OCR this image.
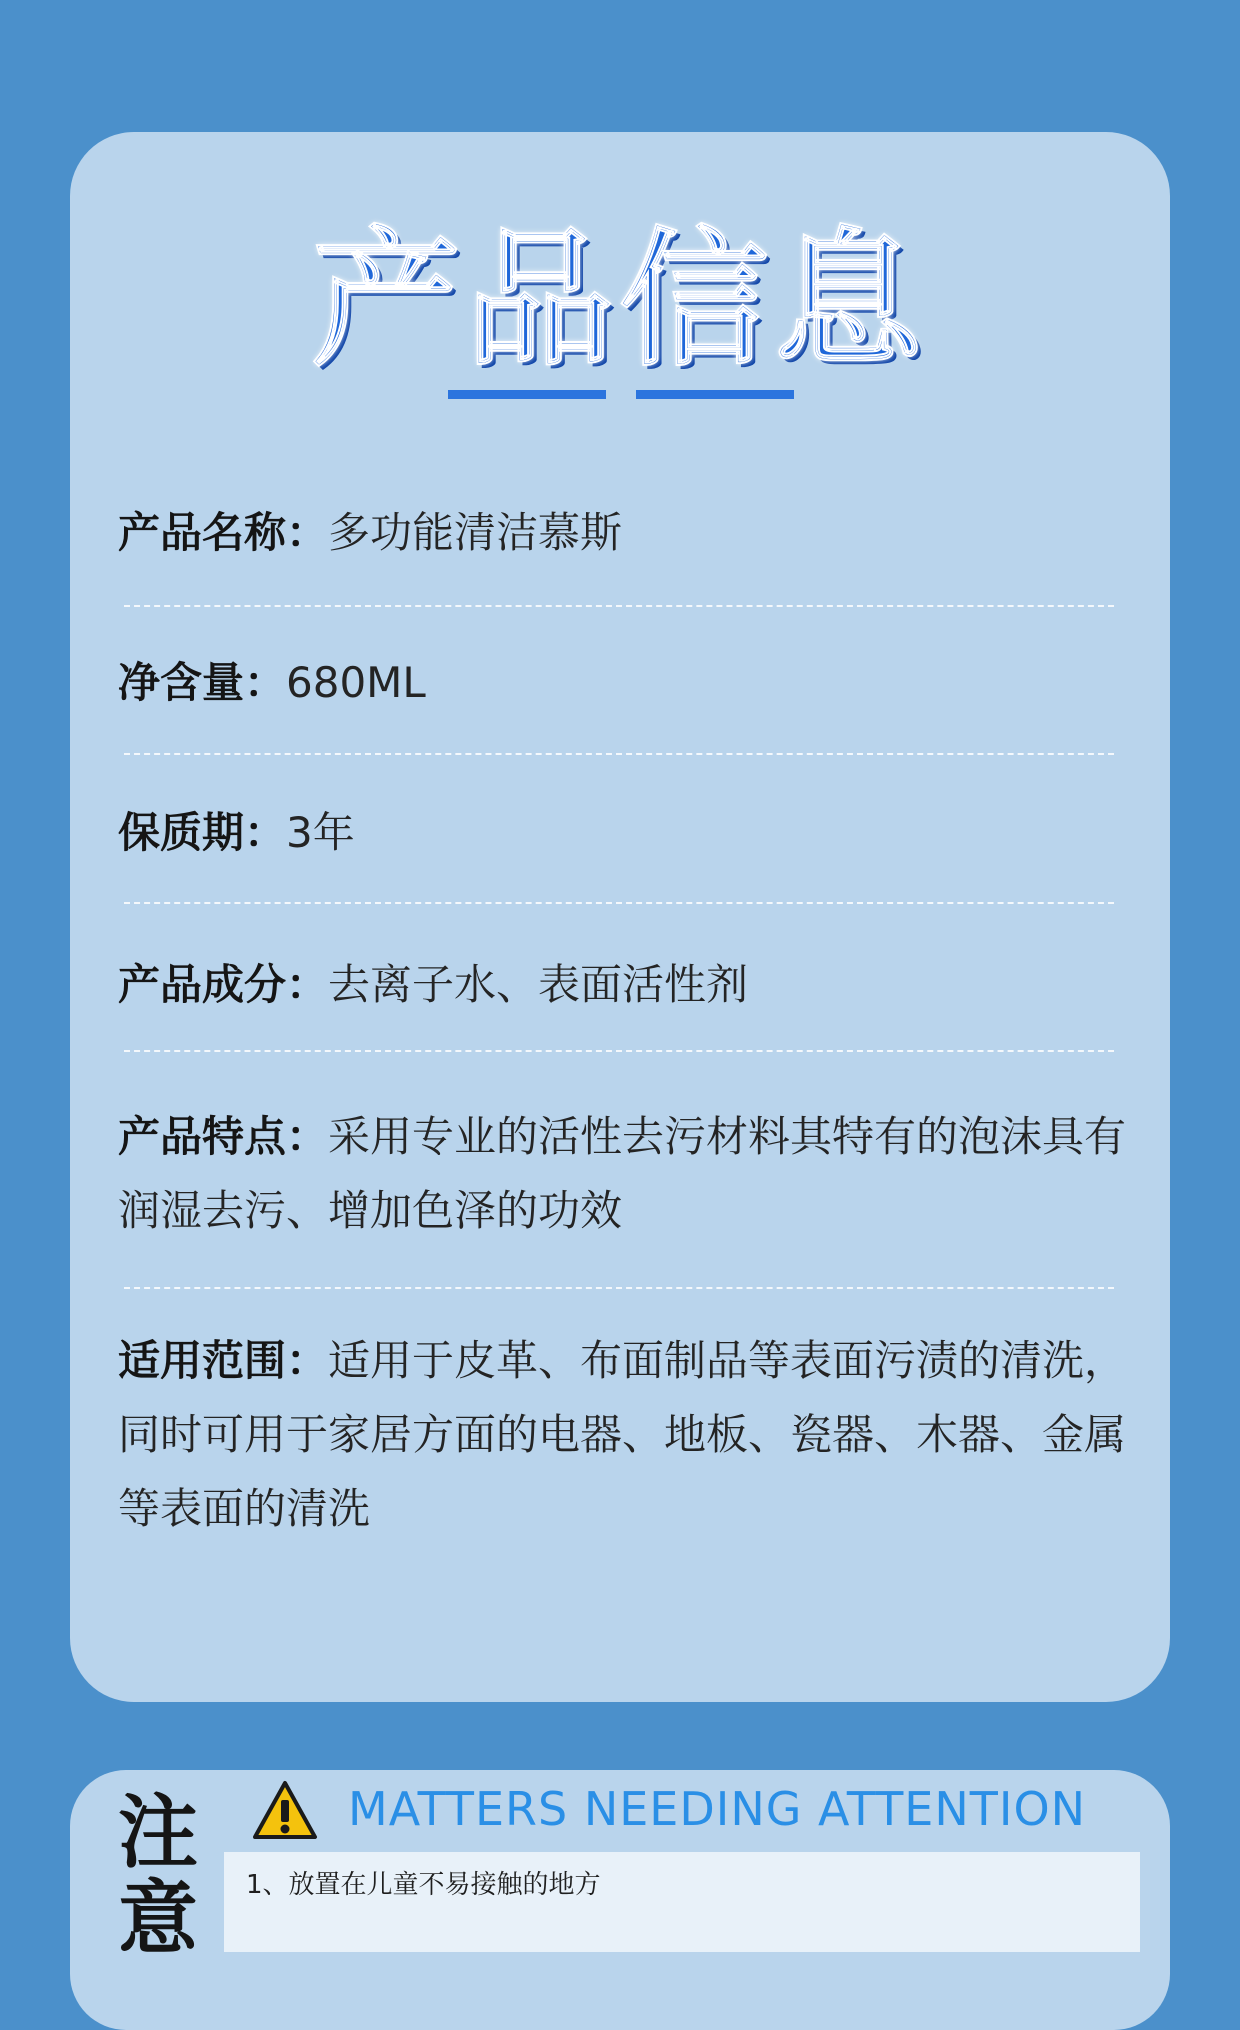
产品信息
产品名称：多功能清洁慕斯
净含量：680ML
保质期：3年
产品成分：去离子水、表面活性剂
产品特点：采用专业的活性去污材料其特有的泡沫具有润湿去污、增加色泽的功效
适用范围：适用于皮革、布面制品等表面污渍的清洗，同时可用于家居方面的电器、地板、瓷器、木器、金属等表面的清洗
注意
MATTERS NEEDING ATTENTION
1、放置在儿童不易接触的地方
